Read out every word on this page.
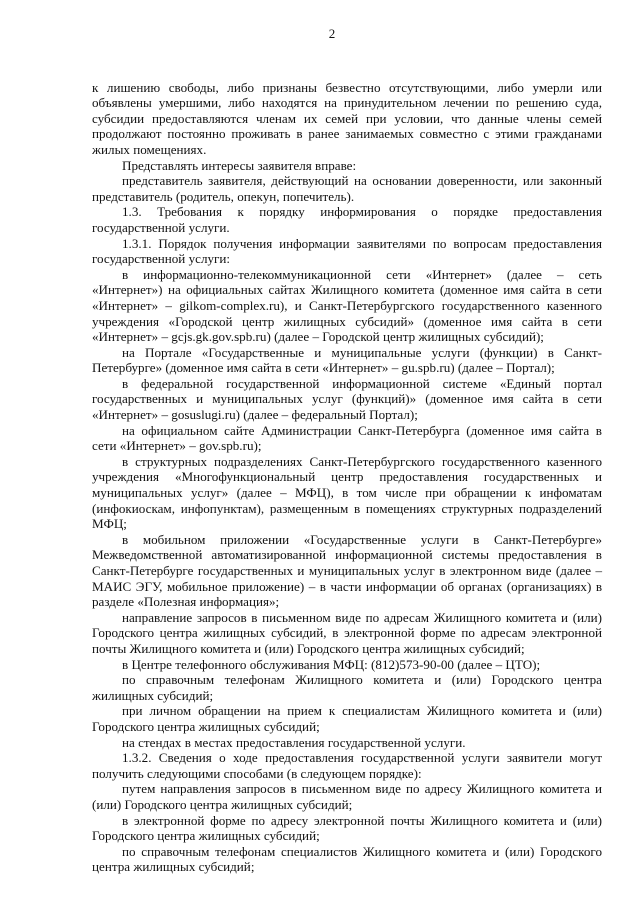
2

к лишению свободы, либо признаны безвестно отсутствующими, либо умерли или объявлены умершими, либо находятся на принудительном лечении по решению суда, субсидии предоставляются членам их семей при условии, что данные члены семей продолжают постоянно проживать в ранее занимаемых совместно с этими гражданами жилых помещениях.

Представлять интересы заявителя вправе:

представитель заявителя, действующий на основании доверенности, или законный представитель (родитель, опекун, попечитель).

1.3. Требования к порядку информирования о порядке предоставления государственной услуги.

1.3.1. Порядок получения информации заявителями по вопросам предоставления государственной услуги:

в информационно-телекоммуникационной сети «Интернет» (далее – сеть «Интернет») на официальных сайтах Жилищного комитета (доменное имя сайта в сети «Интернет» – gilkom-complex.ru), и Санкт-Петербургского государственного казенного учреждения «Городской центр жилищных субсидий» (доменное имя сайта в сети «Интернет» – gcjs.gk.gov.spb.ru) (далее – Городской центр жилищных субсидий);

на Портале «Государственные и муниципальные услуги (функции) в Санкт-Петербурге» (доменное имя сайта в сети «Интернет» – gu.spb.ru) (далее – Портал);

в федеральной государственной информационной системе «Единый портал государственных и муниципальных услуг (функций)» (доменное имя сайта в сети «Интернет» – gosuslugi.ru) (далее – федеральный Портал);

на официальном сайте Администрации Санкт-Петербурга (доменное имя сайта в сети «Интернет» – gov.spb.ru);

в структурных подразделениях Санкт-Петербургского государственного казенного учреждения «Многофункциональный центр предоставления государственных и муниципальных услуг» (далее – МФЦ), в том числе при обращении к инфоматам (инфокиоскам, инфопунктам), размещенным в помещениях структурных подразделений МФЦ;

в мобильном приложении «Государственные услуги в Санкт-Петербурге» Межведомственной автоматизированной информационной системы предоставления в Санкт-Петербурге государственных и муниципальных услуг в электронном виде (далее – МАИС ЭГУ, мобильное приложение) – в части информации об органах (организациях) в разделе «Полезная информация»;

направление запросов в письменном виде по адресам Жилищного комитета и (или) Городского центра жилищных субсидий, в электронной форме по адресам электронной почты Жилищного комитета и (или) Городского центра жилищных субсидий;

в Центре телефонного обслуживания МФЦ: (812)573-90-00 (далее – ЦТО);

по справочным телефонам Жилищного комитета и (или) Городского центра жилищных субсидий;

при личном обращении на прием к специалистам Жилищного комитета и (или) Городского центра жилищных субсидий;

на стендах в местах предоставления государственной услуги.

1.3.2. Сведения о ходе предоставления государственной услуги заявители могут получить следующими способами (в следующем порядке):

путем направления запросов в письменном виде по адресу Жилищного комитета и (или) Городского центра жилищных субсидий;

в электронной форме по адресу электронной почты Жилищного комитета и (или) Городского центра жилищных субсидий;

по справочным телефонам специалистов Жилищного комитета и (или) Городского центра жилищных субсидий;
